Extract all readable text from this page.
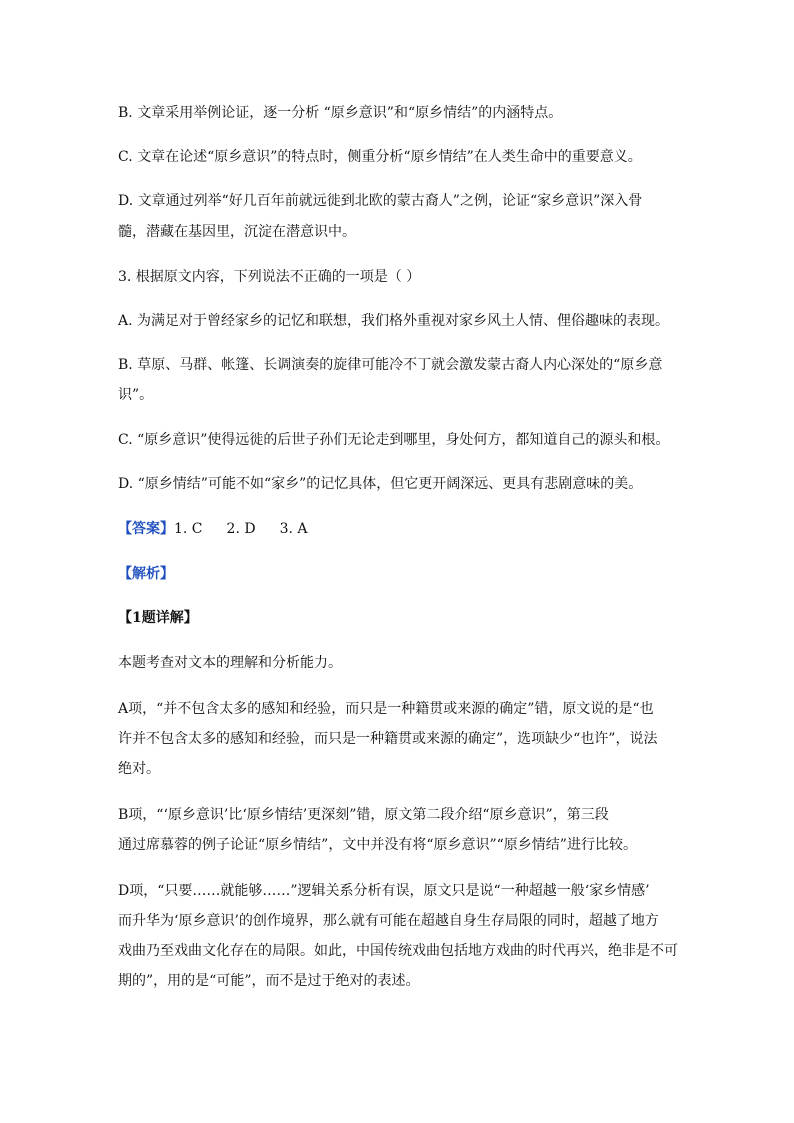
B. 文章采用举例论证，逐一分析 “原乡意识”和“原乡情结”的内涵特点。
C. 文章在论述“原乡意识”的特点时，侧重分析“原乡情结”在人类生命中的重要意义。
D. 文章通过列举“好几百年前就远徙到北欧的蒙古裔人”之例，论证“家乡意识”深入骨
髓，潜藏在基因里，沉淀在潜意识中。
3. 根据原文内容，下列说法不正确的一项是（ ）
A. 为满足对于曾经家乡的记忆和联想，我们格外重视对家乡风土人情、俚俗趣味的表现。
B. 草原、马群、帐篷、长调演奏的旋律可能冷不丁就会激发蒙古裔人内心深处的“原乡意
识”。
C. “原乡意识”使得远徙的后世子孙们无论走到哪里，身处何方，都知道自己的源头和根。
D. “原乡情结”可能不如“家乡”的记忆具体，但它更开阔深远、更具有悲剧意味的美。
【答案】1. C 2. D 3. A
【解析】
【1题详解】
本题考查对文本的理解和分析能力。
A项，“并不包含太多的感知和经验，而只是一种籍贯或来源的确定”错，原文说的是“也
许并不包含太多的感知和经验，而只是一种籍贯或来源的确定”，选项缺少“也许”，说法
绝对。
B项，“‘原乡意识’比‘原乡情结’更深刻”错，原文第二段介绍“原乡意识”，第三段
通过席慕蓉的例子论证“原乡情结”，文中并没有将“原乡意识”“原乡情结”进行比较。
D项，“只要……就能够……”逻辑关系分析有误，原文只是说“一种超越一般‘家乡情感’
而升华为‘原乡意识’的创作境界，那么就有可能在超越自身生存局限的同时，超越了地方
戏曲乃至戏曲文化存在的局限。如此，中国传统戏曲包括地方戏曲的时代再兴，绝非是不可
期的”，用的是“可能”，而不是过于绝对的表述。
